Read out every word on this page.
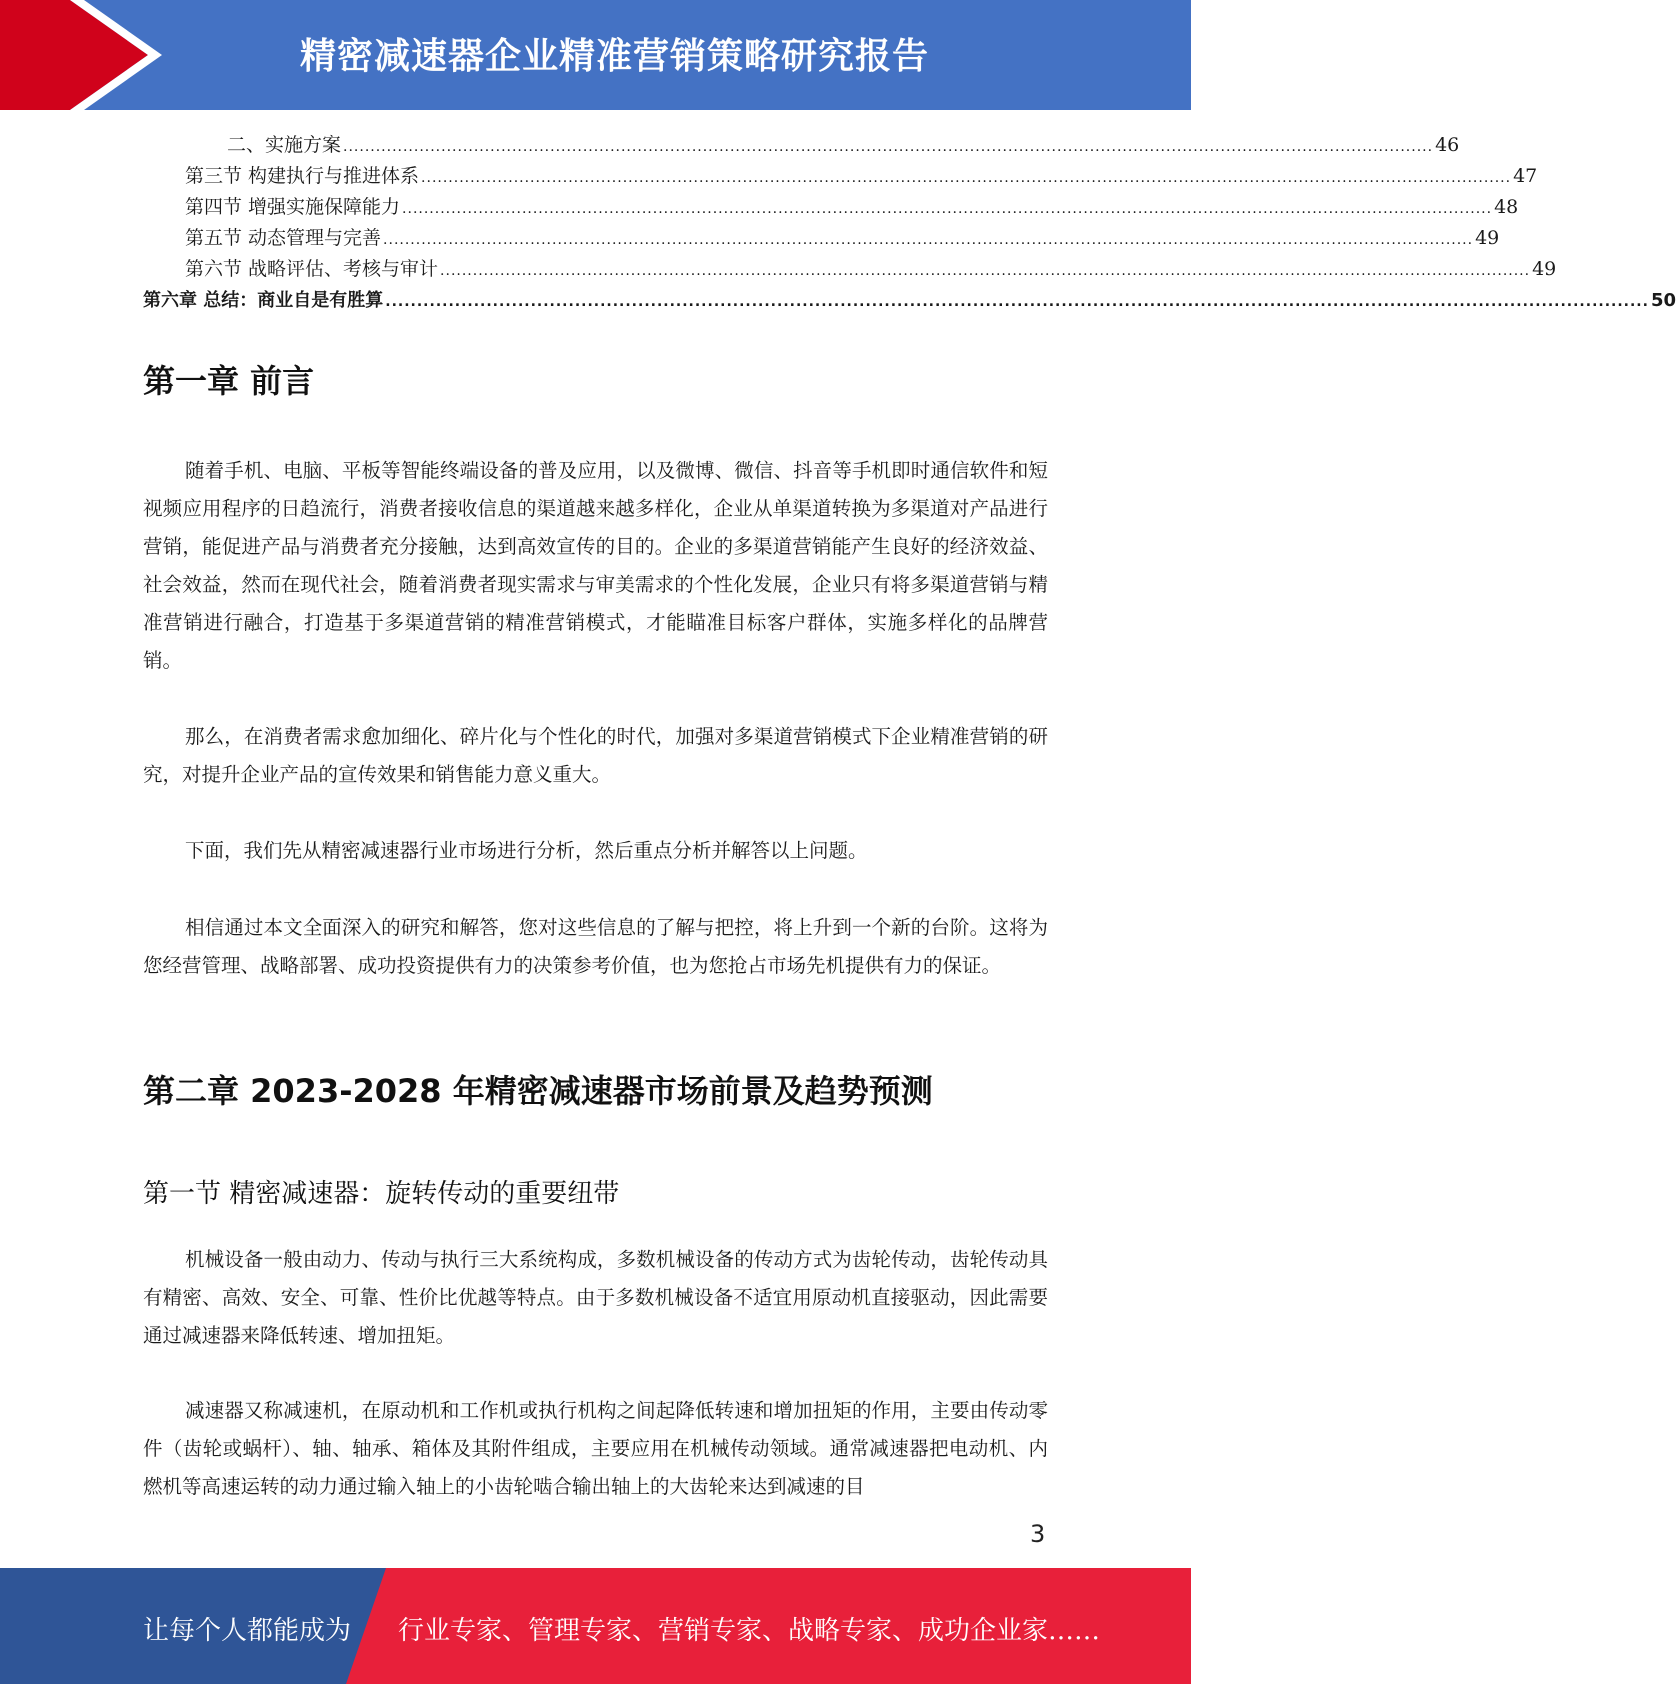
精密减速器企业精准营销策略研究报告
二、实施方案 ........................................................................................................................................................................................................ 46
第三节 构建执行与推进体系 ........................................................................................................................................................................................................ 47
第四节 增强实施保障能力 ........................................................................................................................................................................................................ 48
第五节 动态管理与完善 ........................................................................................................................................................................................................ 49
第六节 战略评估、考核与审计 ........................................................................................................................................................................................................ 49
第六章 总结：商业自是有胜算 ........................................................................................................................................................................................................ 50
第一章 前言

随着手机、电脑、平板等智能终端设备的普及应用，以及微博、微信、抖音等手机即时通信软件和短视频应用程序的日趋流行，消费者接收信息的渠道越来越多样化，企业从单渠道转换为多渠道对产品进行营销，能促进产品与消费者充分接触，达到高效宣传的目的。企业的多渠道营销能产生良好的经济效益、社会效益，然而在现代社会，随着消费者现实需求与审美需求的个性化发展，企业只有将多渠道营销与精准营销进行融合，打造基于多渠道营销的精准营销模式，才能瞄准目标客户群体，实施多样化的品牌营销。

那么，在消费者需求愈加细化、碎片化与个性化的时代，加强对多渠道营销模式下企业精准营销的研究，对提升企业产品的宣传效果和销售能力意义重大。

下面，我们先从精密减速器行业市场进行分析，然后重点分析并解答以上问题。

相信通过本文全面深入的研究和解答，您对这些信息的了解与把控，将上升到一个新的台阶。这将为您经营管理、战略部署、成功投资提供有力的决策参考价值，也为您抢占市场先机提供有力的保证。

第二章 2023-2028 年精密减速器市场前景及趋势预测
第一节 精密减速器：旋转传动的重要纽带

机械设备一般由动力、传动与执行三大系统构成，多数机械设备的传动方式为齿轮传动，齿轮传动具有精密、高效、安全、可靠、性价比优越等特点。由于多数机械设备不适宜用原动机直接驱动，因此需要通过减速器来降低转速、增加扭矩。

减速器又称减速机，在原动机和工作机或执行机构之间起降低转速和增加扭矩的作用，主要由传动零件（齿轮或蜗杆）、轴、轴承、箱体及其附件组成，主要应用在机械传动领域。通常减速器把电动机、内燃机等高速运转的动力通过输入轴上的小齿轮啮合输出轴上的大齿轮来达到减速的目

3
让每个人都能成为 行业专家、管理专家、营销专家、战略专家、成功企业家……
